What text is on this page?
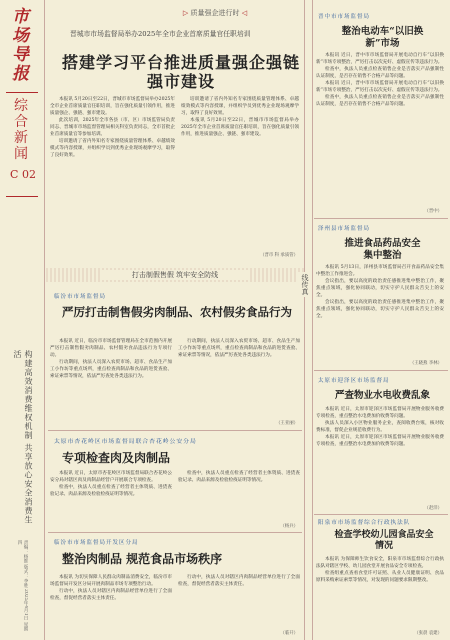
市场导报
综合新闻
C 02
构建高效消费维权机制 共享放心安全消费生活
责编：杨维 版式：李胜 2025年4月1日 星期四
▷ 质量强企进行时 ◁
晋城市市场监督局举办2025年全市企业首席质量官任职培训
搭建学习平台推进质量强企强链强市建设

本报讯 5月20日至22日，晋城市市场监督局举办2025年全市企业首席质量官任职培训，旨在强化质量引领作用，推进质量强企、强链、强市建设。

此次培训，2025年全市各县（市、区）市场监管局负责同志、晋城市市场监督管理局相关科室负责同志，全市首批企业首席质量官等参加培训。

培训邀请了省内外知名专家围绕质量管理体系、卓越绩效模式等内容授课，并组织学员到优秀企业现场观摩学习，取得了良好效果。

培训邀请了省内外知名专家围绕质量管理体系、卓越绩效模式等内容授课，并组织学员到优秀企业现场观摩学习，取得了良好效果。

本报讯 5月20日至22日，晋城市市场监督局举办2025年全市企业首席质量官任职培训，旨在强化质量引领作用，推进质量强企、强链、强市建设。

（晋市 科 承质管）
打击制假售假 筑牢安全防线
临汾市市场监督局
严厉打击制售假劣肉制品、农村假劣食品行为

本报讯 近日，临汾市市场监督管理局在全市范围内开展严厉打击制售假劣肉制品、农村假劣食品违法行为专项行动。

行动期间，执法人员深入农贸市场、超市、食品生产加工小作坊等重点场所，重点检查肉制品和食品的进货查验、索证索票等情况，依法严厉查处各类违法行为。

行动期间，执法人员深入农贸市场、超市、食品生产加工小作坊等重点场所，重点检查肉制品和食品的进货查验、索证索票等情况，依法严厉查处各类违法行为。

（王亚丽）
太原市杏花岭区市场监督局联合杏花岭公安分局
专项检查肉及肉制品

本报讯 近日，太原市杏花岭区市场监督局联合杏花岭公安分局对辖区肉及肉制品经营户开展联合专项检查。

检查中，执法人员重点检查了经营者主体资质、进货查验记录、肉品来源及检验检疫证明等情况。

检查中，执法人员重点检查了经营者主体资质、进货查验记录、肉品来源及检验检疫证明等情况。

（杨兵）
临汾市市场监督局开发区分局
整治肉制品 规范食品市场秩序

本报讯 为切实保障人民群众肉制品消费安全，临汾市市场监督局开发区分局开展肉制品市场专项整治行动。

行动中，执法人员对辖区内肉制品经营单位进行了全面检查，督促经营者落实主体责任。

行动中，执法人员对辖区内肉制品经营单位进行了全面检查，督促经营者落实主体责任。

（临开）
线传真
晋中市市场监督局
整治电动车“以旧换新”市场

本报讯 近日，晋中市市场监督局开展电动自行车“以旧换新”市场专项整治，严厉打击以次充好、虚假宣传等违法行为。

检查中，执法人员重点检查销售企业是否落实产品强制性认证制度，是否存在销售不合格产品等问题。

本报讯 近日，晋中市市场监督局开展电动自行车“以旧换新”市场专项整治，严厉打击以次充好、虚假宣传等违法行为。

检查中，执法人员重点检查销售企业是否落实产品强制性认证制度，是否存在销售不合格产品等问题。

（晋中）
泽州县市场监督局
推进食品药品安全集中整治

本报讯 5月13日，泽州县市场监督局召开食品药品安全集中整治工作推进会。

会议指出，要以高度的政治责任感推进集中整治工作，聚焦重点领域，强化协同联动，切实守护人民群众舌尖上的安全。

会议指出，要以高度的政治责任感推进集中整治工作，聚焦重点领域，强化协同联动，切实守护人民群众舌尖上的安全。

（王晓燕 李林）
太原市迎泽区市场监督局
严查物业水电收费乱象

本报讯 近日，太原市迎泽区市场监督局开展物业服务收费专项检查，重点整治水电费加价收费等问题。

执法人员深入小区物业服务企业，查阅收费台账，核对收费标准，督促企业规范收费行为。

本报讯 近日，太原市迎泽区市场监督局开展物业服务收费专项检查，重点整治水电费加价收费等问题。

（赵洋）
阳泉市市场监督综合行政执法队
检查学校幼儿园食品安全情况

本报讯 为保障师生饮食安全，阳泉市市场监督综合行政执法队对辖区学校、幼儿园食堂开展食品安全专项检查。

检查组重点查看食堂许可证照、从业人员健康证明、食品原料采购索证索票等情况，对发现的问题要求限期整改。

（张晨 袁建）
